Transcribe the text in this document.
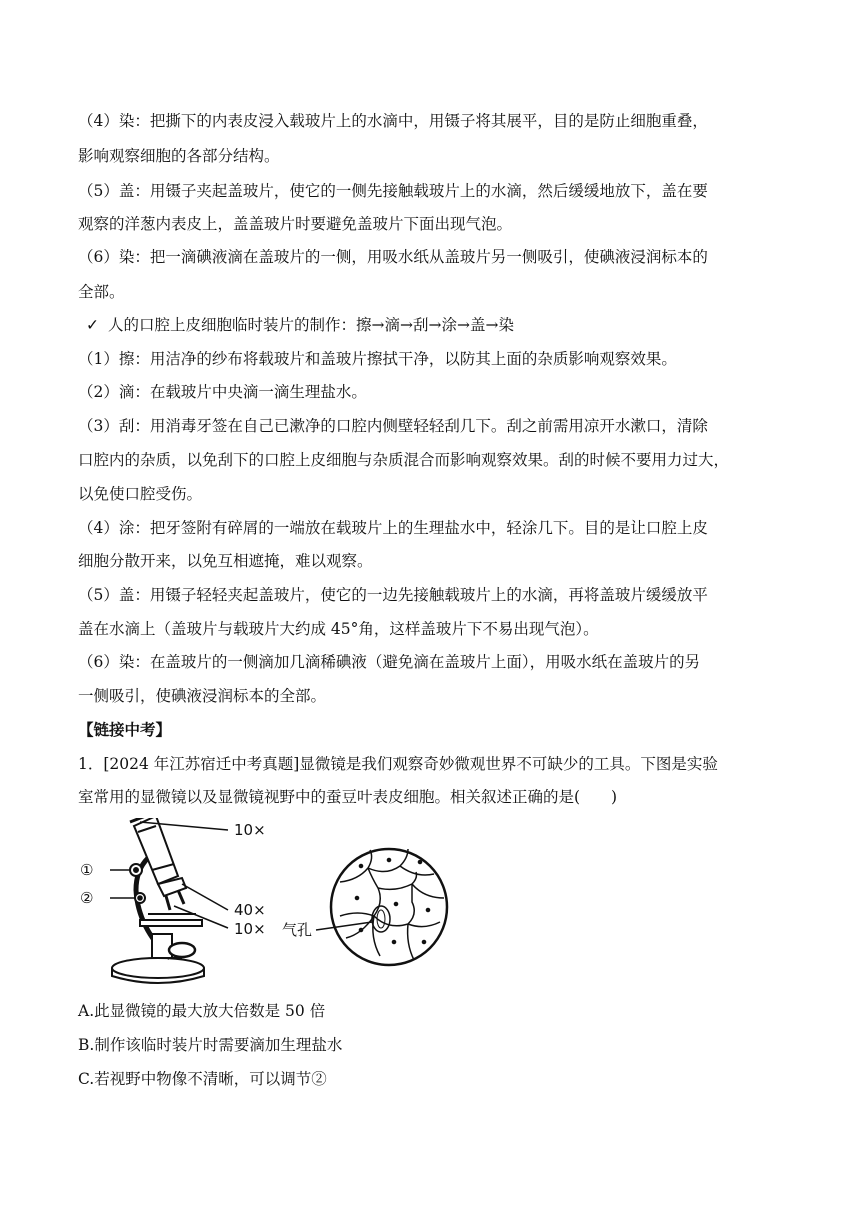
（4）染：把撕下的内表皮浸入载玻片上的水滴中，用镊子将其展平，目的是防止细胞重叠，
影响观察细胞的各部分结构。
（5）盖：用镊子夹起盖玻片，使它的一侧先接触载玻片上的水滴，然后缓缓地放下，盖在要
观察的洋葱内表皮上，盖盖玻片时要避免盖玻片下面出现气泡。
（6）染：把一滴碘液滴在盖玻片的一侧，用吸水纸从盖玻片另一侧吸引，使碘液浸润标本的
全部。
✓ 人的口腔上皮细胞临时装片的制作：擦→滴→刮→涂→盖→染
（1）擦：用洁净的纱布将载玻片和盖玻片擦拭干净，以防其上面的杂质影响观察效果。
（2）滴：在载玻片中央滴一滴生理盐水。
（3）刮：用消毒牙签在自己已漱净的口腔内侧壁轻轻刮几下。刮之前需用凉开水漱口，清除
口腔内的杂质，以免刮下的口腔上皮细胞与杂质混合而影响观察效果。刮的时候不要用力过大，
以免使口腔受伤。
（4）涂：把牙签附有碎屑的一端放在载玻片上的生理盐水中，轻涂几下。目的是让口腔上皮
细胞分散开来，以免互相遮掩，难以观察。
（5）盖：用镊子轻轻夹起盖玻片，使它的一边先接触载玻片上的水滴，再将盖玻片缓缓放平
盖在水滴上（盖玻片与载玻片大约成 45°角，这样盖玻片下不易出现气泡）。
（6）染：在盖玻片的一侧滴加几滴稀碘液（避免滴在盖玻片上面），用吸水纸在盖玻片的另
一侧吸引，使碘液浸润标本的全部。
【链接中考】
1．[2024 年江苏宿迁中考真题]显微镜是我们观察奇妙微观世界不可缺少的工具。下图是实验
室常用的显微镜以及显微镜视野中的蚕豆叶表皮细胞。相关叙述正确的是(　　)
①
②
10×
40×
10× 气孔
A.此显微镜的最大放大倍数是 50 倍
B.制作该临时装片时需要滴加生理盐水
C.若视野中物像不清晰，可以调节②
